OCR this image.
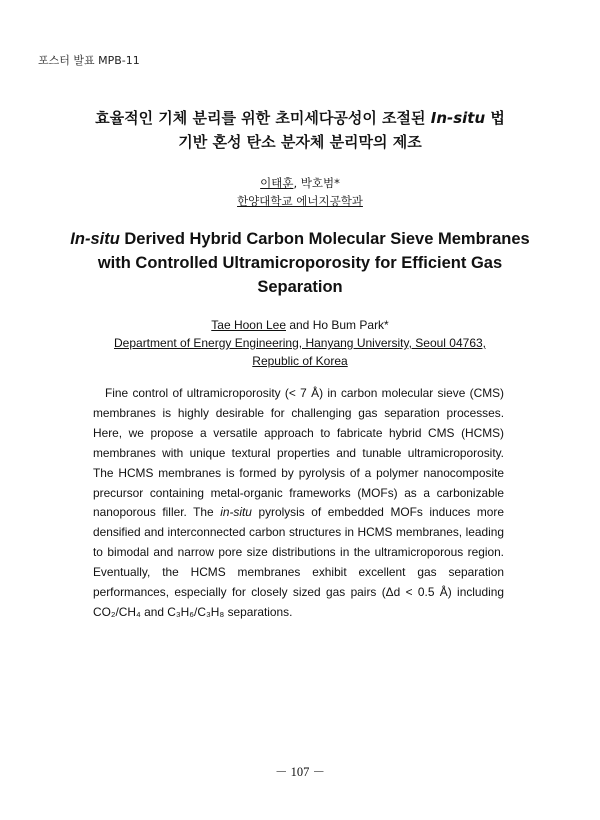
포스터 발표 MPB-11
효율적인 기체 분리를 위한 초미세다공성이 조절된 In-situ 법
기반 혼성 탄소 분자체 분리막의 제조
이태훈, 박호범*
한양대학교 에너지공학과
In-situ Derived Hybrid Carbon Molecular Sieve Membranes
with Controlled Ultramicroporosity for Efficient Gas
Separation
Tae Hoon Lee and Ho Bum Park*
Department of Energy Engineering, Hanyang University, Seoul 04763,
Republic of Korea
Fine control of ultramicroporosity (< 7 Å) in carbon molecular sieve (CMS) membranes is highly desirable for challenging gas separation processes. Here, we propose a versatile approach to fabricate hybrid CMS (HCMS) membranes with unique textural properties and tunable ultramicroporosity. The HCMS membranes is formed by pyrolysis of a polymer nanocomposite precursor containing metal-organic frameworks (MOFs) as a carbonizable nanoporous filler. The in-situ pyrolysis of embedded MOFs induces more densified and interconnected carbon structures in HCMS membranes, leading to bimodal and narrow pore size distributions in the ultramicroporous region. Eventually, the HCMS membranes exhibit excellent gas separation performances, especially for closely sized gas pairs (Δd < 0.5 Å) including CO₂/CH₄ and C₃H₆/C₃H₈ separations.
－ 107 －
